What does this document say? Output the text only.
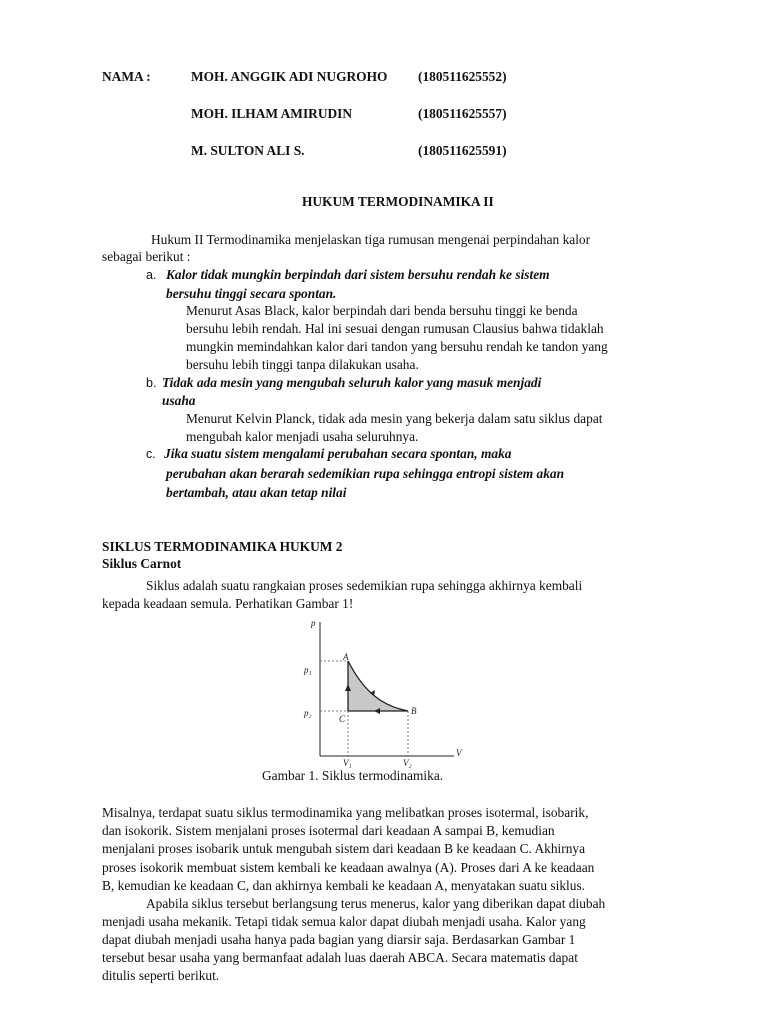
NAMA :	MOH. ANGGIK ADI NUGROHO (180511625552)
MOH. ILHAM AMIRUDIN	(180511625557)
M. SULTON ALI S.	(180511625591)
HUKUM TERMODINAMIKA II
Hukum II Termodinamika menjelaskan tiga rumusan mengenai perpindahan kalor
sebagai berikut :
a. Kalor tidak mungkin berpindah dari sistem bersuhu rendah ke sistem
bersuhu tinggi secara spontan.
Menurut Asas Black, kalor berpindah dari benda bersuhu tinggi ke benda
bersuhu lebih rendah. Hal ini sesuai dengan rumusan Clausius bahwa tidaklah
mungkin memindahkan kalor dari tandon yang bersuhu rendah ke tandon yang
bersuhu lebih tinggi tanpa dilakukan usaha.
b. Tidak ada mesin yang mengubah seluruh kalor yang masuk menjadi
usaha
Menurut Kelvin Planck, tidak ada mesin yang bekerja dalam satu siklus dapat
mengubah kalor menjadi usaha seluruhnya.
c. Jika suatu sistem mengalami perubahan secara spontan, maka
perubahan akan berarah sedemikian rupa sehingga entropi sistem akan
bertambah, atau akan tetap nilai
SIKLUS TERMODINAMIKA HUKUM 2
Siklus Carnot
Siklus adalah suatu rangkaian proses sedemikian rupa sehingga akhirnya kembali
kepada keadaan semula. Perhatikan Gambar 1!
p
V
p₁
p₂
V₁	V₂
A
B
C
Gambar 1. Siklus termodinamika.
Misalnya, terdapat suatu siklus termodinamika yang melibatkan proses isotermal, isobarik,
dan isokorik. Sistem menjalani proses isotermal dari keadaan A sampai B, kemudian
menjalani proses isobarik untuk mengubah sistem dari keadaan B ke keadaan C. Akhirnya
proses isokorik membuat sistem kembali ke keadaan awalnya (A). Proses dari A ke keadaan
B, kemudian ke keadaan C, dan akhirnya kembali ke keadaan A, menyatakan suatu siklus.
Apabila siklus tersebut berlangsung terus menerus, kalor yang diberikan dapat diubah
menjadi usaha mekanik. Tetapi tidak semua kalor dapat diubah menjadi usaha. Kalor yang
dapat diubah menjadi usaha hanya pada bagian yang diarsir saja. Berdasarkan Gambar 1
tersebut besar usaha yang bermanfaat adalah luas daerah ABCA. Secara matematis dapat
ditulis seperti berikut.
